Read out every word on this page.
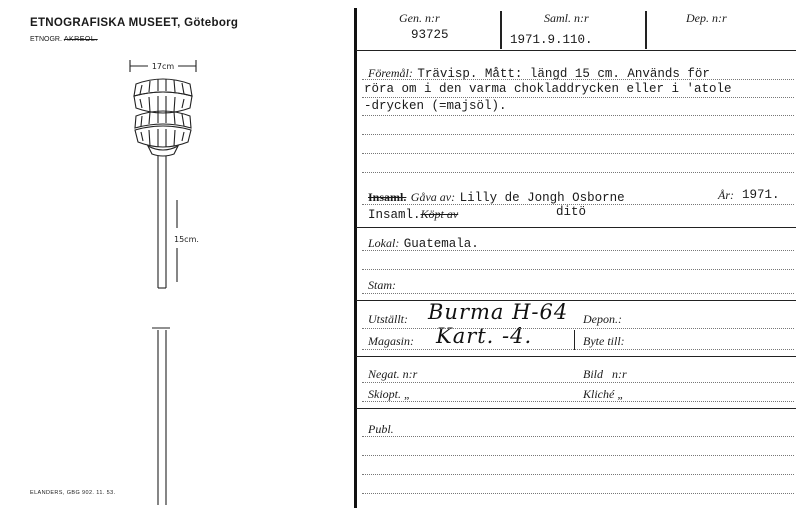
ETNOGRAFISKA MUSEET, Göteborg
ETNOGR. AKREOL.
ELANDERS, GBG 902. 11. 53.
17cm
15cm.
Gen. n:r
93725
Saml. n:r
1971.9.110.
Dep. n:r
Föremål: Trävisp. Mått: längd 15 cm. Används för
röra om i den varma chokladdrycken eller i 'atole
-drycken (=majsöl).
Insaml. Gåva av: Lilly de Jongh Osborne	År: 1971.
Insaml.Köpt av	ditö
Lokal: Guatemala.
Stam:
Utställt: Burma H-64 Depon.:
Magasin: Kart. -4.	Byte till:
Negat. n:r	Bild   n:r
Skiopt. „	Kliché „
Publ.
